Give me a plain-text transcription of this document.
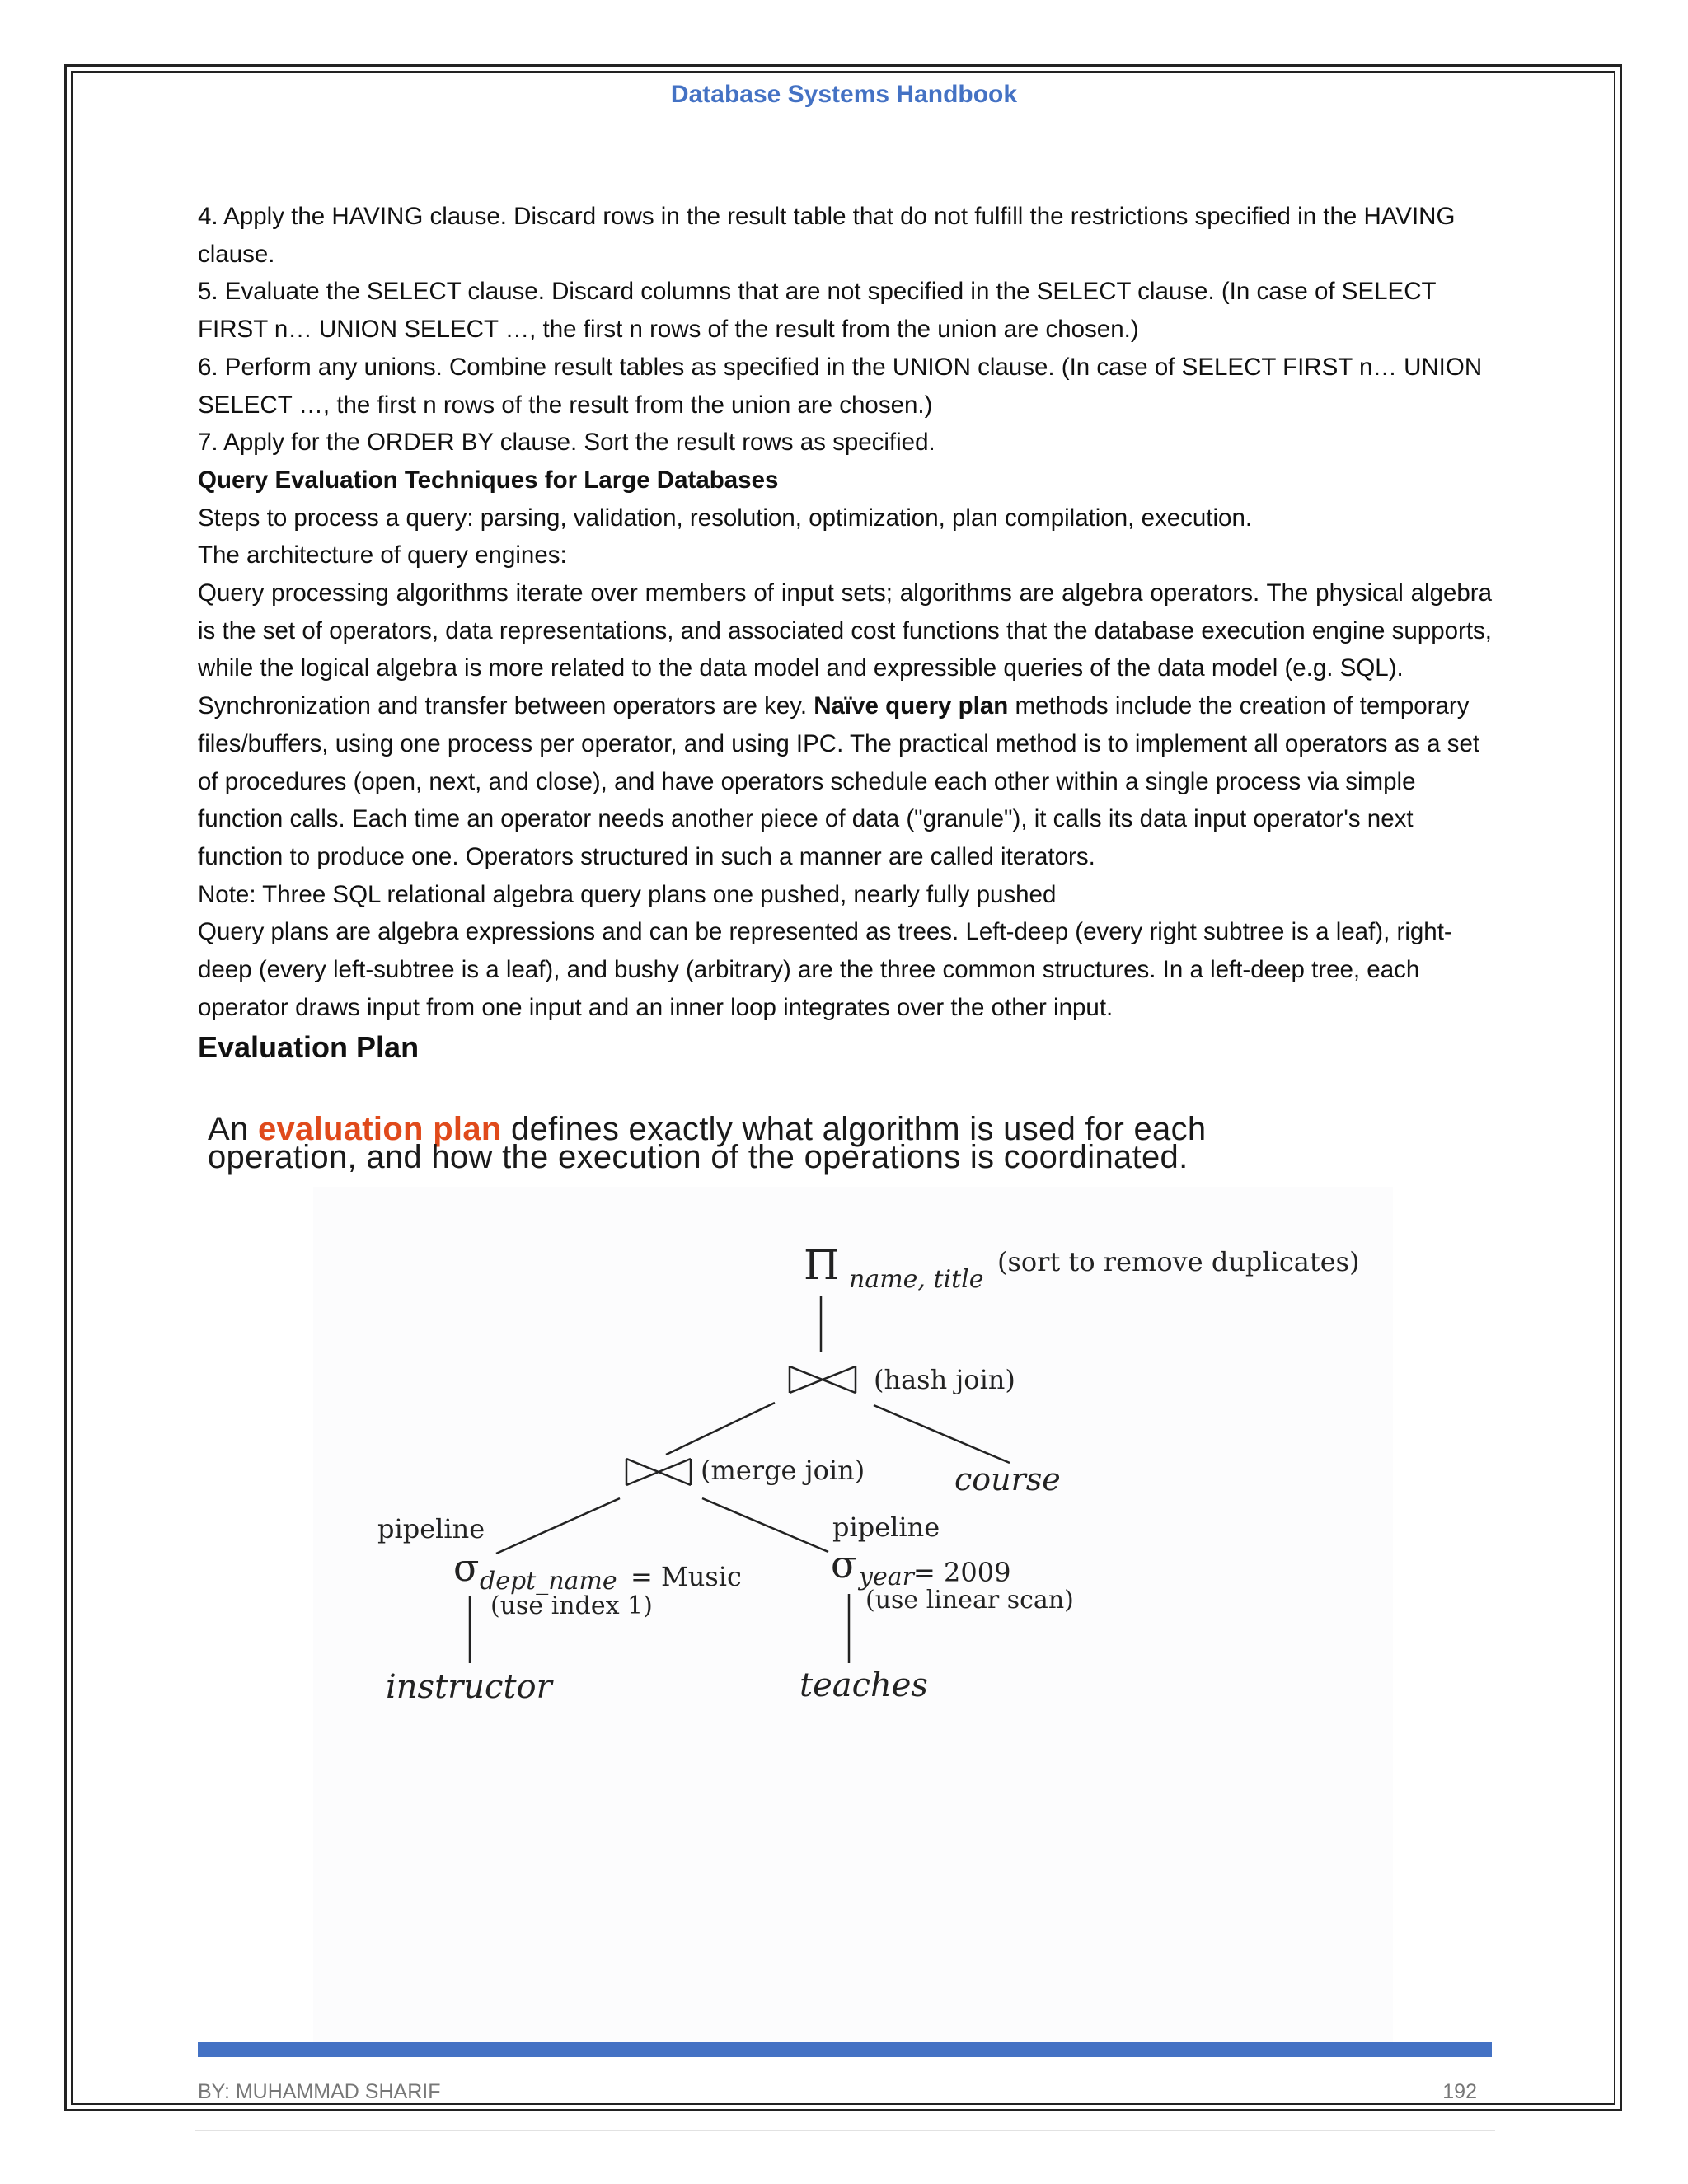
Database Systems Handbook

4. Apply the HAVING clause. Discard rows in the result table that do not fulfill the restrictions specified in the HAVING clause.

5. Evaluate the SELECT clause. Discard columns that are not specified in the SELECT clause. (In case of SELECT FIRST n… UNION SELECT …, the first n rows of the result from the union are chosen.)

6. Perform any unions. Combine result tables as specified in the UNION clause. (In case of SELECT FIRST n… UNION SELECT …, the first n rows of the result from the union are chosen.)

7. Apply for the ORDER BY clause. Sort the result rows as specified.

Query Evaluation Techniques for Large Databases

Steps to process a query: parsing, validation, resolution, optimization, plan compilation, execution.

The architecture of query engines:

Query processing algorithms iterate over members of input sets; algorithms are algebra operators. The physical algebra is the set of operators, data representations, and associated cost functions that the database execution engine supports, while the logical algebra is more related to the data model and expressible queries of the data model (e.g. SQL).

Synchronization and transfer between operators are key. Naïve query plan methods include the creation of temporary files/buffers, using one process per operator, and using IPC. The practical method is to implement all operators as a set of procedures (open, next, and close), and have operators schedule each other within a single process via simple function calls. Each time an operator needs another piece of data ("granule"), it calls its data input operator's next function to produce one. Operators structured in such a manner are called iterators.

Note: Three SQL relational algebra query plans one pushed, nearly fully pushed

Query plans are algebra expressions and can be represented as trees. Left-deep (every right subtree is a leaf), right-deep (every left-subtree is a leaf), and bushy (arbitrary) are the three common structures. In a left-deep tree, each operator draws input from one input and an inner loop integrates over the other input.

Evaluation Plan
An evaluation plan defines exactly what algorithm is used for each
operation, and how the execution of the operations is coordinated.
Π name, title
(sort to remove duplicates)
(hash join)
(merge join)	course
pipeline	pipeline
σ dept_name = Music
(use index 1)
instructor
σ year = 2009
(use linear scan)
teaches
BY: MUHAMMAD SHARIF	192
